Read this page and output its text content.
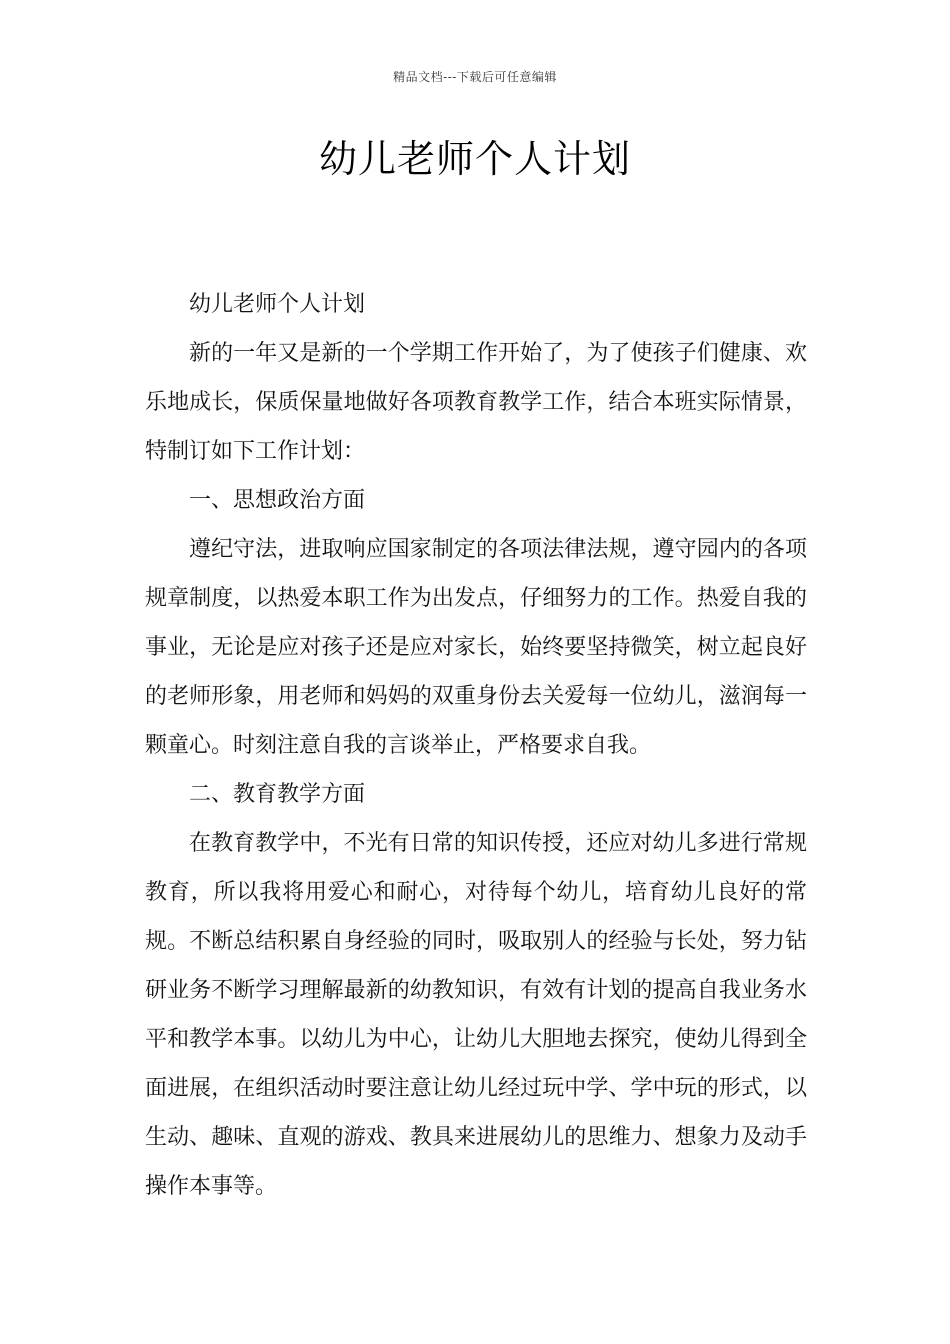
精品文档---下载后可任意编辑
幼儿老师个人计划

幼儿老师个人计划

新的一年又是新的一个学期工作开始了，为了使孩子们健康、欢乐地成长，保质保量地做好各项教育教学工作，结合本班实际情景，特制订如下工作计划：

一、思想政治方面

遵纪守法，进取响应国家制定的各项法律法规，遵守园内的各项规章制度，以热爱本职工作为出发点，仔细努力的工作。热爱自我的事业，无论是应对孩子还是应对家长，始终要坚持微笑，树立起良好的老师形象，用老师和妈妈的双重身份去关爱每一位幼儿，滋润每一颗童心。时刻注意自我的言谈举止，严格要求自我。

二、教育教学方面

在教育教学中，不光有日常的知识传授，还应对幼儿多进行常规教育，所以我将用爱心和耐心，对待每个幼儿，培育幼儿良好的常规。不断总结积累自身经验的同时，吸取别人的经验与长处，努力钻研业务不断学习理解最新的幼教知识，有效有计划的提高自我业务水平和教学本事。以幼儿为中心，让幼儿大胆地去探究，使幼儿得到全面进展，在组织活动时要注意让幼儿经过玩中学、学中玩的形式，以生动、趣味、直观的游戏、教具来进展幼儿的思维力、想象力及动手操作本事等。
